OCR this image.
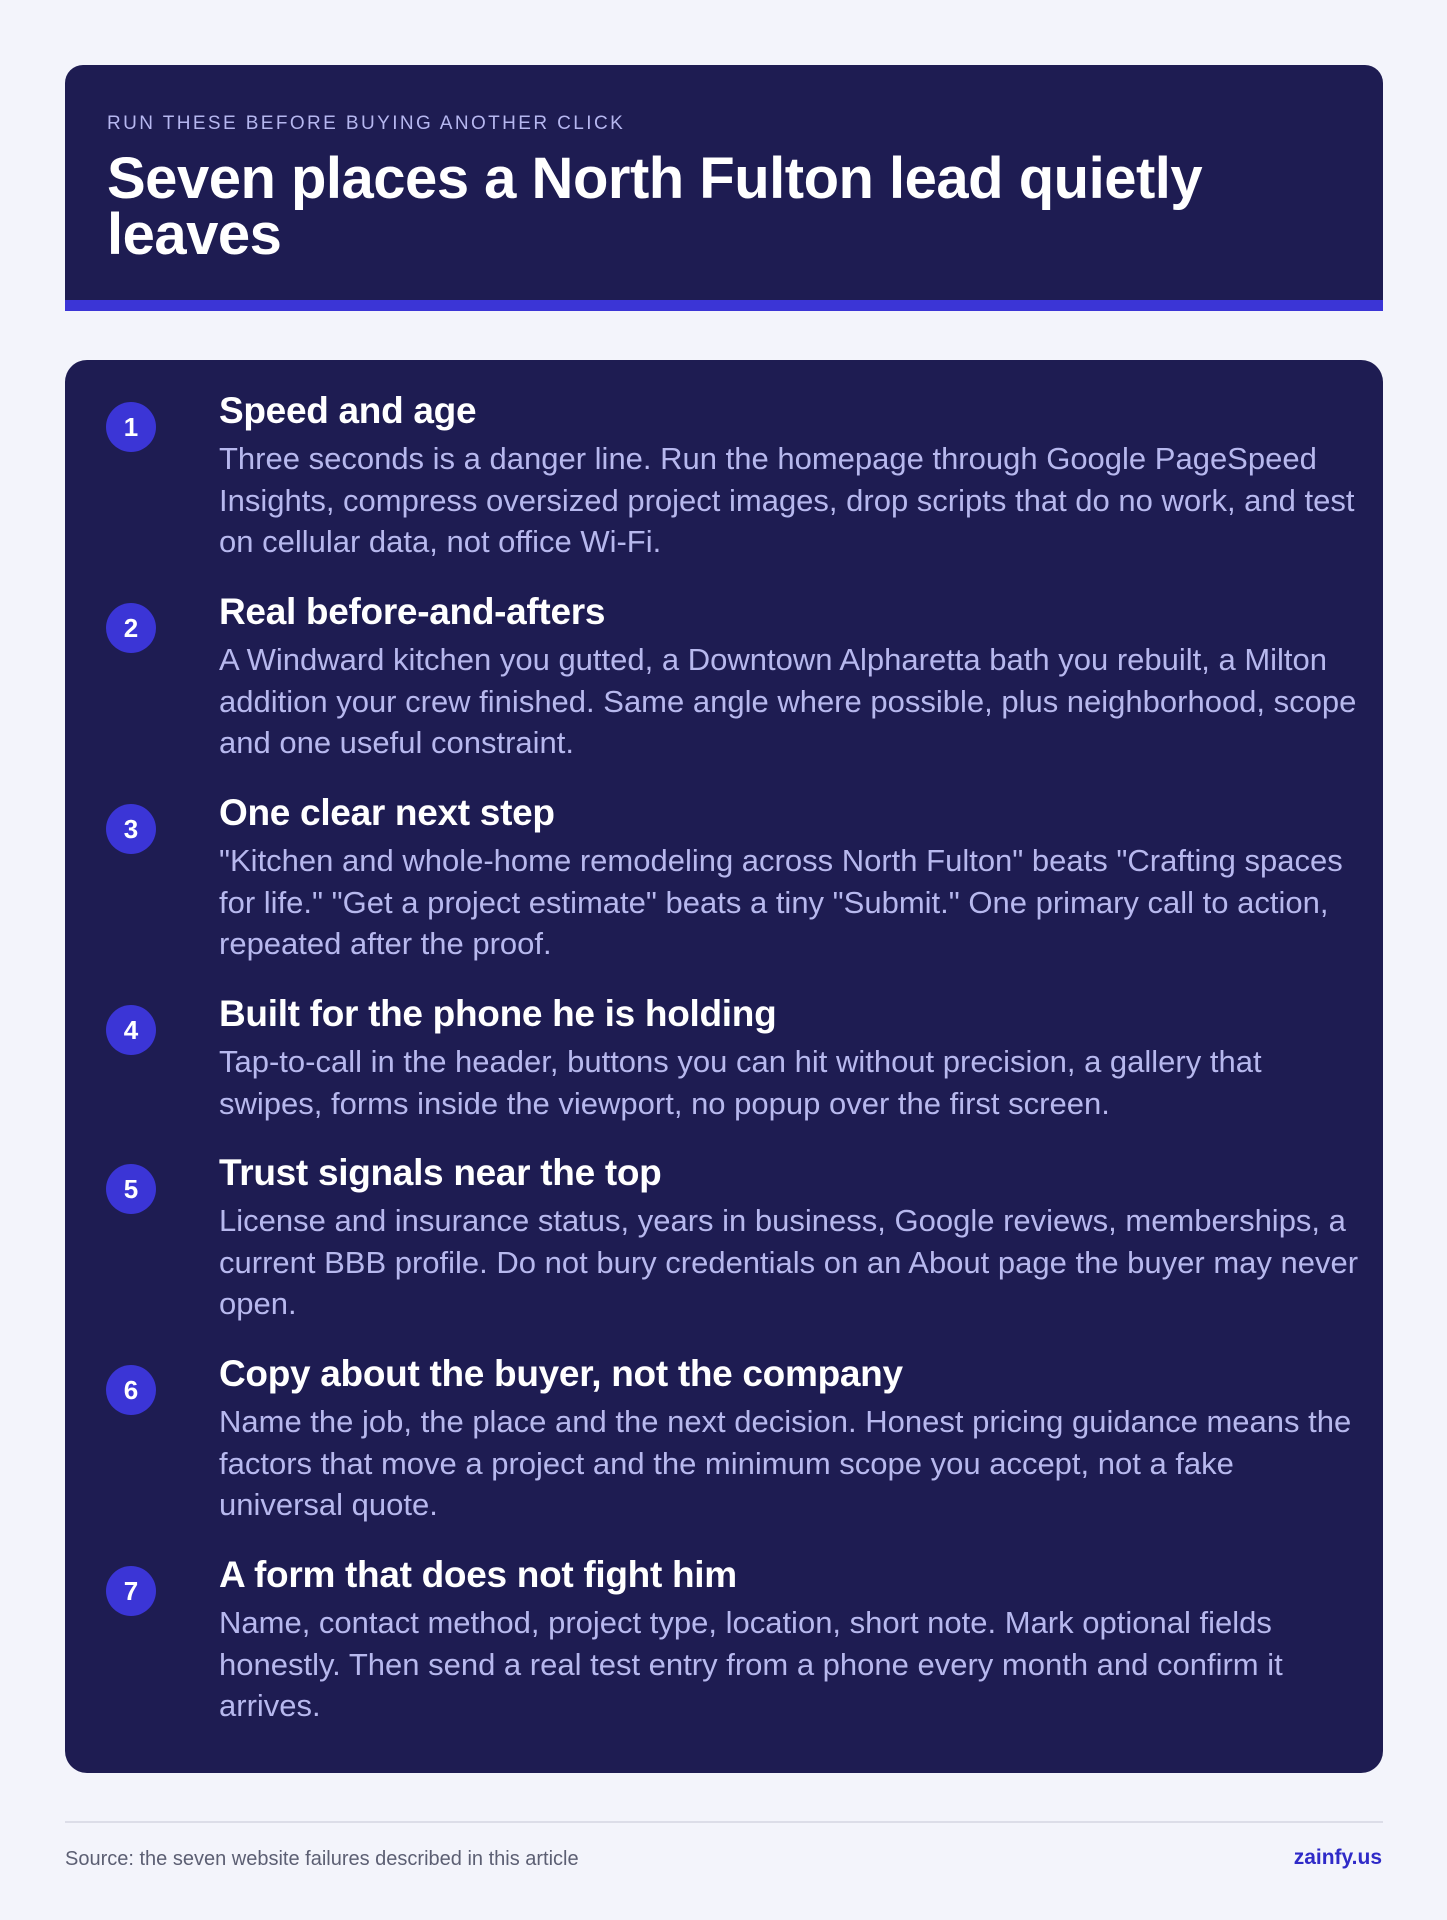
RUN THESE BEFORE BUYING ANOTHER CLICK
Seven places a North Fulton lead quietly leaves
1	Speed and age
Three seconds is a danger line. Run the homepage through Google PageSpeed Insights, compress oversized project images, drop scripts that do no work, and test on cellular data, not office Wi-Fi.
2	Real before-and-afters
A Windward kitchen you gutted, a Downtown Alpharetta bath you rebuilt, a Milton addition your crew finished. Same angle where possible, plus neighborhood, scope and one useful constraint.
3	One clear next step
"Kitchen and whole-home remodeling across North Fulton" beats "Crafting spaces for life." "Get a project estimate" beats a tiny "Submit." One primary call to action, repeated after the proof.
4	Built for the phone he is holding
Tap-to-call in the header, buttons you can hit without precision, a gallery that swipes, forms inside the viewport, no popup over the first screen.
5	Trust signals near the top
License and insurance status, years in business, Google reviews, memberships, a current BBB profile. Do not bury credentials on an About page the buyer may never open.
6	Copy about the buyer, not the company
Name the job, the place and the next decision. Honest pricing guidance means the factors that move a project and the minimum scope you accept, not a fake universal quote.
7	A form that does not fight him
Name, contact method, project type, location, short note. Mark optional fields honestly. Then send a real test entry from a phone every month and confirm it arrives.
Source: the seven website failures described in this article	zainfy.us
